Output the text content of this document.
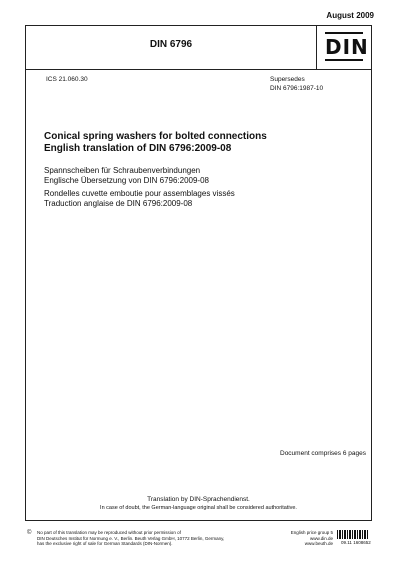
August 2009
DIN 6796	DIN
ICS 21.060.30	Supersedes
DIN 6796:1987-10
Conical spring washers for bolted connections
English translation of DIN 6796:2009-08
Spannscheiben für Schraubenverbindungen
Englische Übersetzung von DIN 6796:2009-08
Rondelles cuvette emboutie pour assemblages vissés
Traduction anglaise de DIN 6796:2009-08
Document comprises 6 pages
Translation by DIN-Sprachendienst.
In case of doubt, the German-language original shall be considered authoritative.
© No part of this translation may be reproduced without prior permission of
DIN Deutsches Institut für Normung e. V., Berlin. Beuth Verlag GmbH, 10772 Berlin, Germany,
has the exclusive right of sale for German Standards (DIN-Normen).
English price group 5
www.din.de
www.beuth.de 09.11 1608652
